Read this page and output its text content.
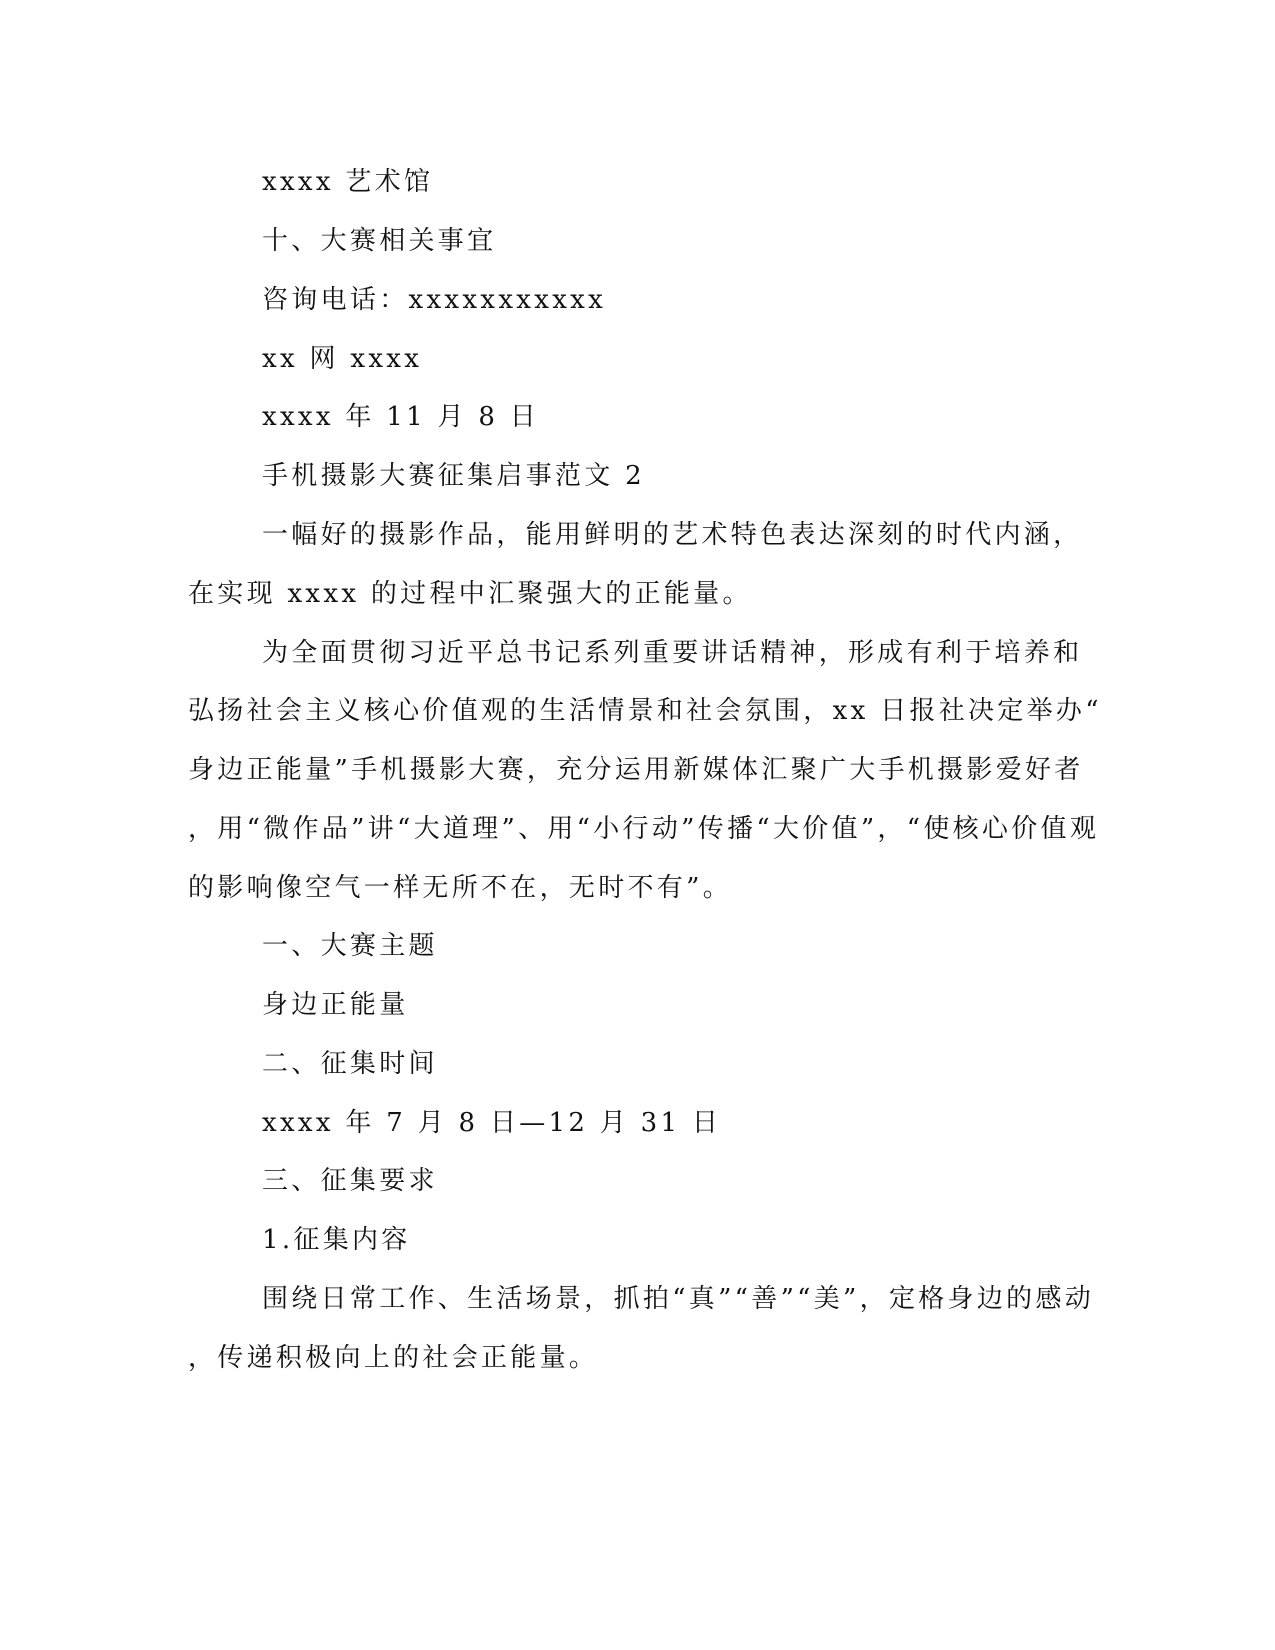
xxxx 艺术馆
十、大赛相关事宜
咨询电话：xxxxxxxxxxx
xx 网 xxxx
xxxx 年 11 月 8 日
手机摄影大赛征集启事范文 2
一幅好的摄影作品，能用鲜明的艺术特色表达深刻的时代内涵，
在实现 xxxx 的过程中汇聚强大的正能量。
为全面贯彻习近平总书记系列重要讲话精神，形成有利于培养和
弘扬社会主义核心价值观的生活情景和社会氛围，xx 日报社决定举办“
身边正能量”手机摄影大赛，充分运用新媒体汇聚广大手机摄影爱好者
，用“微作品”讲“大道理”、用“小行动”传播“大价值”，“使核心价值观
的影响像空气一样无所不在，无时不有”。
一、大赛主题
身边正能量
二、征集时间
xxxx 年 7 月 8 日—12 月 31 日
三、征集要求
1.征集内容
围绕日常工作、生活场景，抓拍“真”“善”“美”，定格身边的感动
，传递积极向上的社会正能量。
